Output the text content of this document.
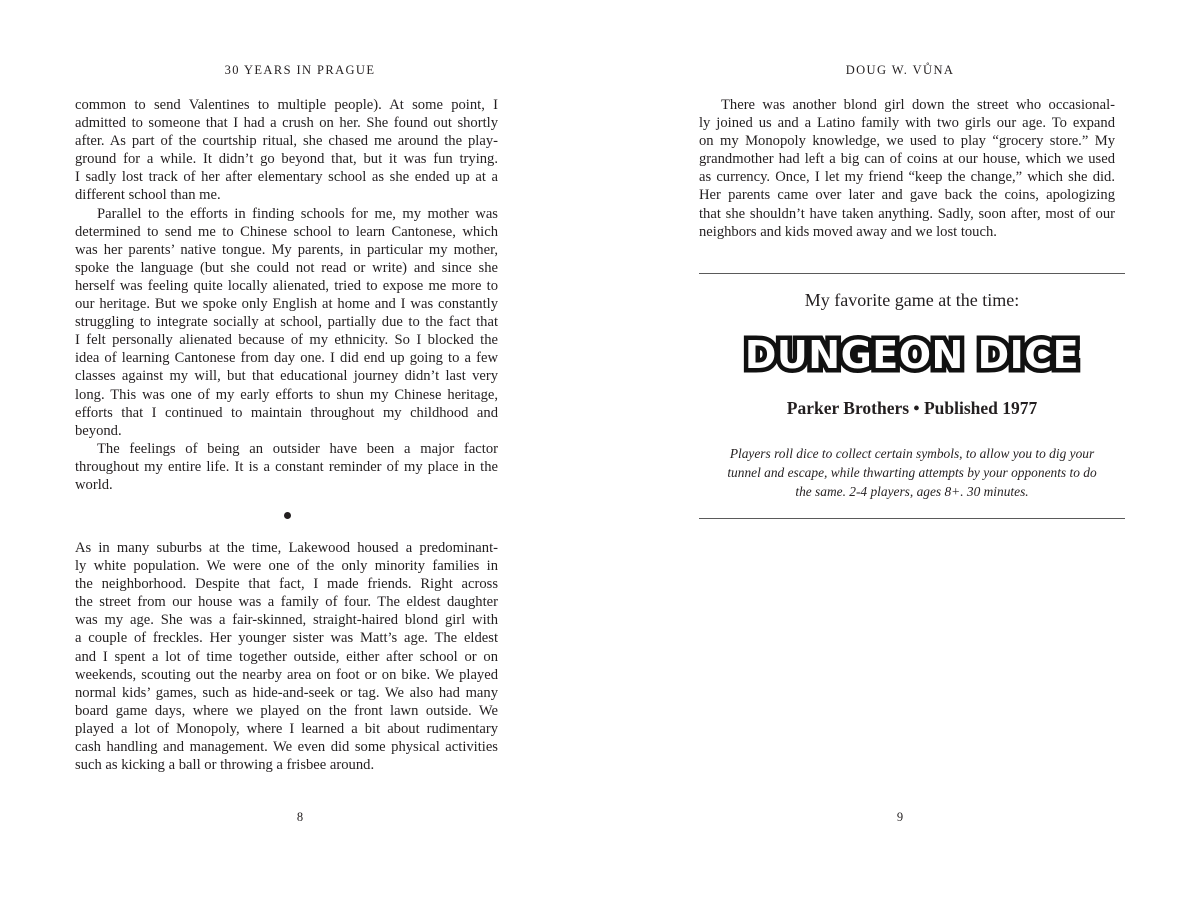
30 YEARS IN PRAGUE
common to send Valentines to multiple people). At some point, I
admitted to someone that I had a crush on her. She found out shortly
after. As part of the courtship ritual, she chased me around the play-
ground for a while. It didn’t go beyond that, but it was fun trying.
I sadly lost track of her after elementary school as she ended up at a
different school than me.
Parallel to the efforts in finding schools for me, my mother was
determined to send me to Chinese school to learn Cantonese, which
was her parents’ native tongue. My parents, in particular my mother,
spoke the language (but she could not read or write) and since she
herself was feeling quite locally alienated, tried to expose me more to
our heritage. But we spoke only English at home and I was constantly
struggling to integrate socially at school, partially due to the fact that
I felt personally alienated because of my ethnicity. So I blocked the
idea of learning Cantonese from day one. I did end up going to a few
classes against my will, but that educational journey didn’t last very
long. This was one of my early efforts to shun my Chinese heritage,
efforts that I continued to maintain throughout my childhood and
beyond.
The feelings of being an outsider have been a major factor
throughout my entire life. It is a constant reminder of my place in the
world.
As in many suburbs at the time, Lakewood housed a predominant-
ly white population. We were one of the only minority families in
the neighborhood. Despite that fact, I made friends. Right across
the street from our house was a family of four. The eldest daughter
was my age. She was a fair-skinned, straight-haired blond girl with
a couple of freckles. Her younger sister was Matt’s age. The eldest
and I spent a lot of time together outside, either after school or on
weekends, scouting out the nearby area on foot or on bike. We played
normal kids’ games, such as hide-and-seek or tag. We also had many
board game days, where we played on the front lawn outside. We
played a lot of Monopoly, where I learned a bit about rudimentary
cash handling and management. We even did some physical activities
such as kicking a ball or throwing a frisbee around.
8
DOUG W. VŮNA
9
There was another blond girl down the street who occasional-
ly joined us and a Latino family with two girls our age. To expand
on my Monopoly knowledge, we used to play “grocery store.” My
grandmother had left a big can of coins at our house, which we used
as currency. Once, I let my friend “keep the change,” which she did.
Her parents came over later and gave back the coins, apologizing
that she shouldn’t have taken anything. Sadly, soon after, most of our
neighbors and kids moved away and we lost touch.
My favorite game at the time:
DUNGEON DICE
Parker Brothers • Published 1977
Players roll dice to collect certain symbols, to allow you to dig your
tunnel and escape, while thwarting attempts by your opponents to do
the same. 2-4 players, ages 8+. 30 minutes.
